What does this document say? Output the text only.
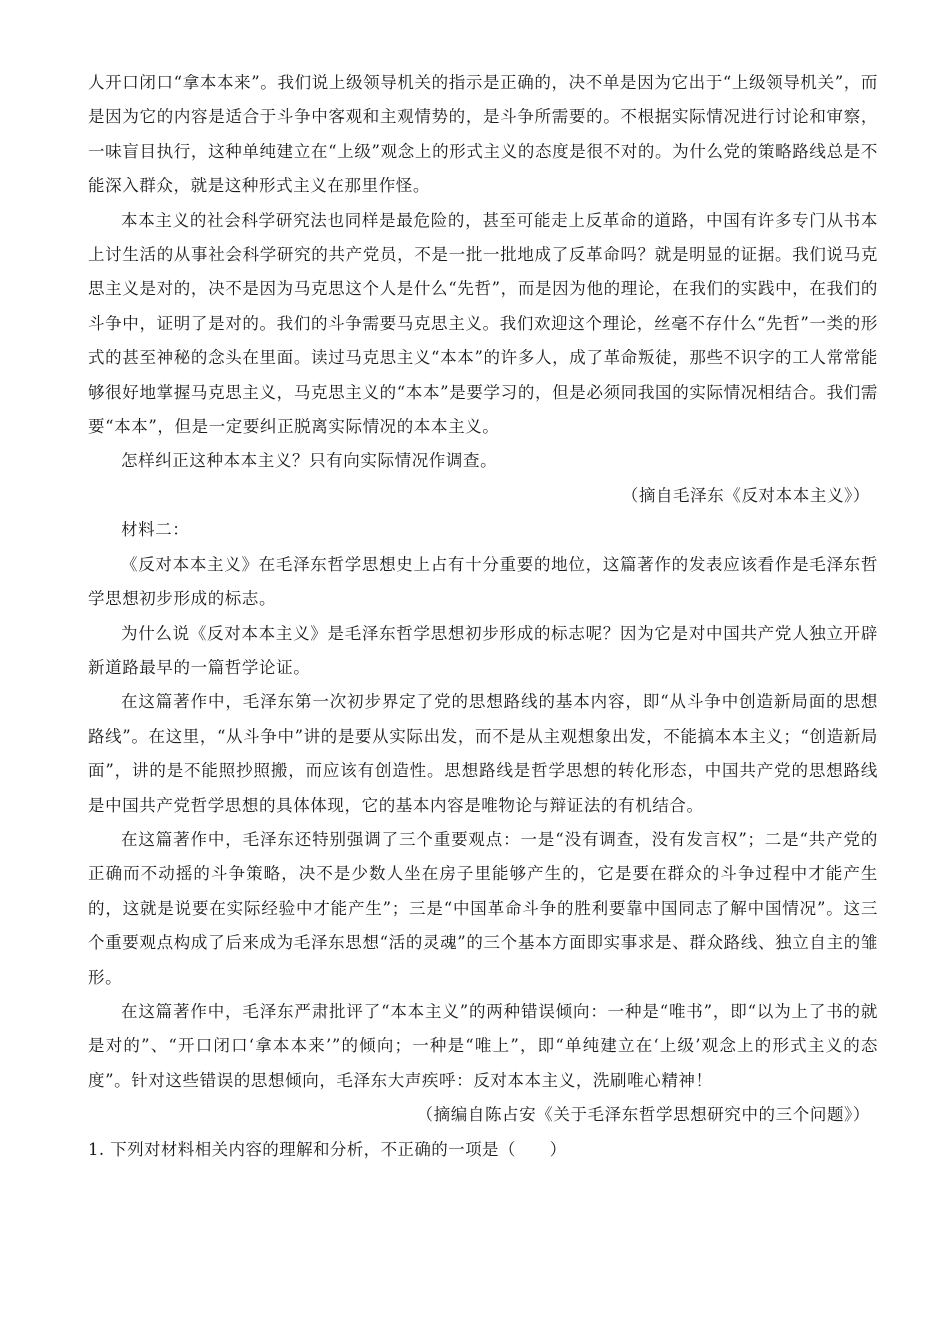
人开口闭口“拿本本来”。我们说上级领导机关的指示是正确的，决不单是因为它出于“上级领导机关”，而是因为它的内容是适合于斗争中客观和主观情势的，是斗争所需要的。不根据实际情况进行讨论和审察，一味盲目执行，这种单纯建立在“上级”观念上的形式主义的态度是很不对的。为什么党的策略路线总是不能深入群众，就是这种形式主义在那里作怪。

本本主义的社会科学研究法也同样是最危险的，甚至可能走上反革命的道路，中国有许多专门从书本上讨生活的从事社会科学研究的共产党员，不是一批一批地成了反革命吗？就是明显的证据。我们说马克思主义是对的，决不是因为马克思这个人是什么“先哲”，而是因为他的理论，在我们的实践中，在我们的斗争中，证明了是对的。我们的斗争需要马克思主义。我们欢迎这个理论，丝毫不存什么“先哲”一类的形式的甚至神秘的念头在里面。读过马克思主义“本本”的许多人，成了革命叛徒，那些不识字的工人常常能够很好地掌握马克思主义，马克思主义的“本本”是要学习的，但是必须同我国的实际情况相结合。我们需要“本本”，但是一定要纠正脱离实际情况的本本主义。

怎样纠正这种本本主义？只有向实际情况作调查。

（摘自毛泽东《反对本本主义》）

材料二：

《反对本本主义》在毛泽东哲学思想史上占有十分重要的地位，这篇著作的发表应该看作是毛泽东哲学思想初步形成的标志。

为什么说《反对本本主义》是毛泽东哲学思想初步形成的标志呢？因为它是对中国共产党人独立开辟新道路最早的一篇哲学论证。

在这篇著作中，毛泽东第一次初步界定了党的思想路线的基本内容，即“从斗争中创造新局面的思想路线”。在这里，“从斗争中”讲的是要从实际出发，而不是从主观想象出发，不能搞本本主义；“创造新局面”，讲的是不能照抄照搬，而应该有创造性。思想路线是哲学思想的转化形态，中国共产党的思想路线是中国共产党哲学思想的具体体现，它的基本内容是唯物论与辩证法的有机结合。

在这篇著作中，毛泽东还特别强调了三个重要观点：一是“没有调查，没有发言权”；二是“共产党的正确而不动摇的斗争策略，决不是少数人坐在房子里能够产生的，它是要在群众的斗争过程中才能产生的，这就是说要在实际经验中才能产生”；三是“中国革命斗争的胜利要靠中国同志了解中国情况”。这三个重要观点构成了后来成为毛泽东思想“活的灵魂”的三个基本方面即实事求是、群众路线、独立自主的雏形。

在这篇著作中，毛泽东严肃批评了“本本主义”的两种错误倾向：一种是“唯书”，即“以为上了书的就是对的”、“开口闭口‘拿本本来’”的倾向；一种是“唯上”，即“单纯建立在‘上级’观念上的形式主义的态度”。针对这些错误的思想倾向，毛泽东大声疾呼：反对本本主义，洗刷唯心精神！

（摘编自陈占安《关于毛泽东哲学思想研究中的三个问题》）

1. 下列对材料相关内容的理解和分析，不正确的一项是（　　）
